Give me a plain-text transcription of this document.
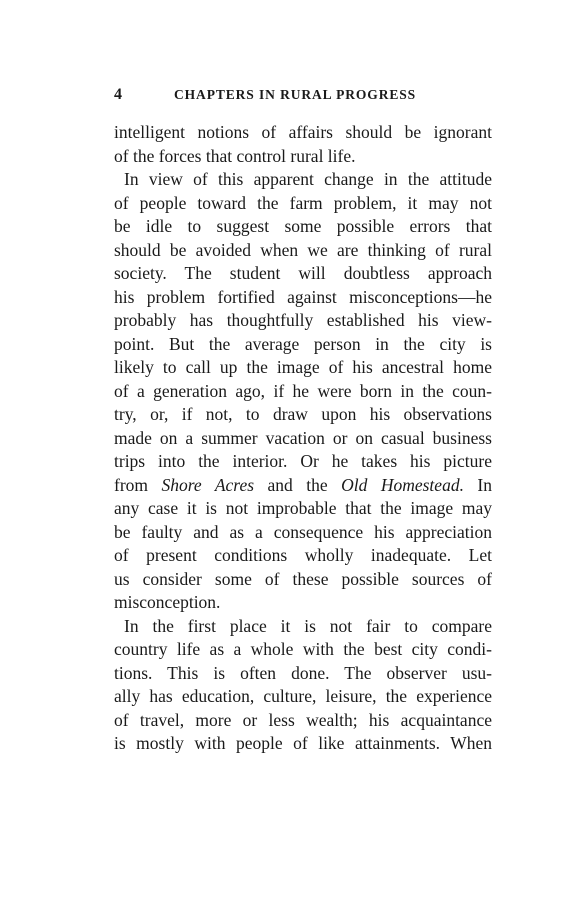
4	CHAPTERS IN RURAL PROGRESS
intelligent notions of affairs should be ignorant
of the forces that control rural life.
In view of this apparent change in the attitude
of people toward the farm problem, it may not
be idle to suggest some possible errors that
should be avoided when we are thinking of rural
society. The student will doubtless approach
his problem fortified against misconceptions—he
probably has thoughtfully established his view-
point. But the average person in the city is
likely to call up the image of his ancestral home
of a generation ago, if he were born in the coun-
try, or, if not, to draw upon his observations
made on a summer vacation or on casual business
trips into the interior. Or he takes his picture
from Shore Acres and the Old Homestead. In
any case it is not improbable that the image may
be faulty and as a consequence his appreciation
of present conditions wholly inadequate. Let
us consider some of these possible sources of
misconception.
In the first place it is not fair to compare
country life as a whole with the best city condi-
tions. This is often done. The observer usu-
ally has education, culture, leisure, the experience
of travel, more or less wealth; his acquaintance
is mostly with people of like attainments. When
